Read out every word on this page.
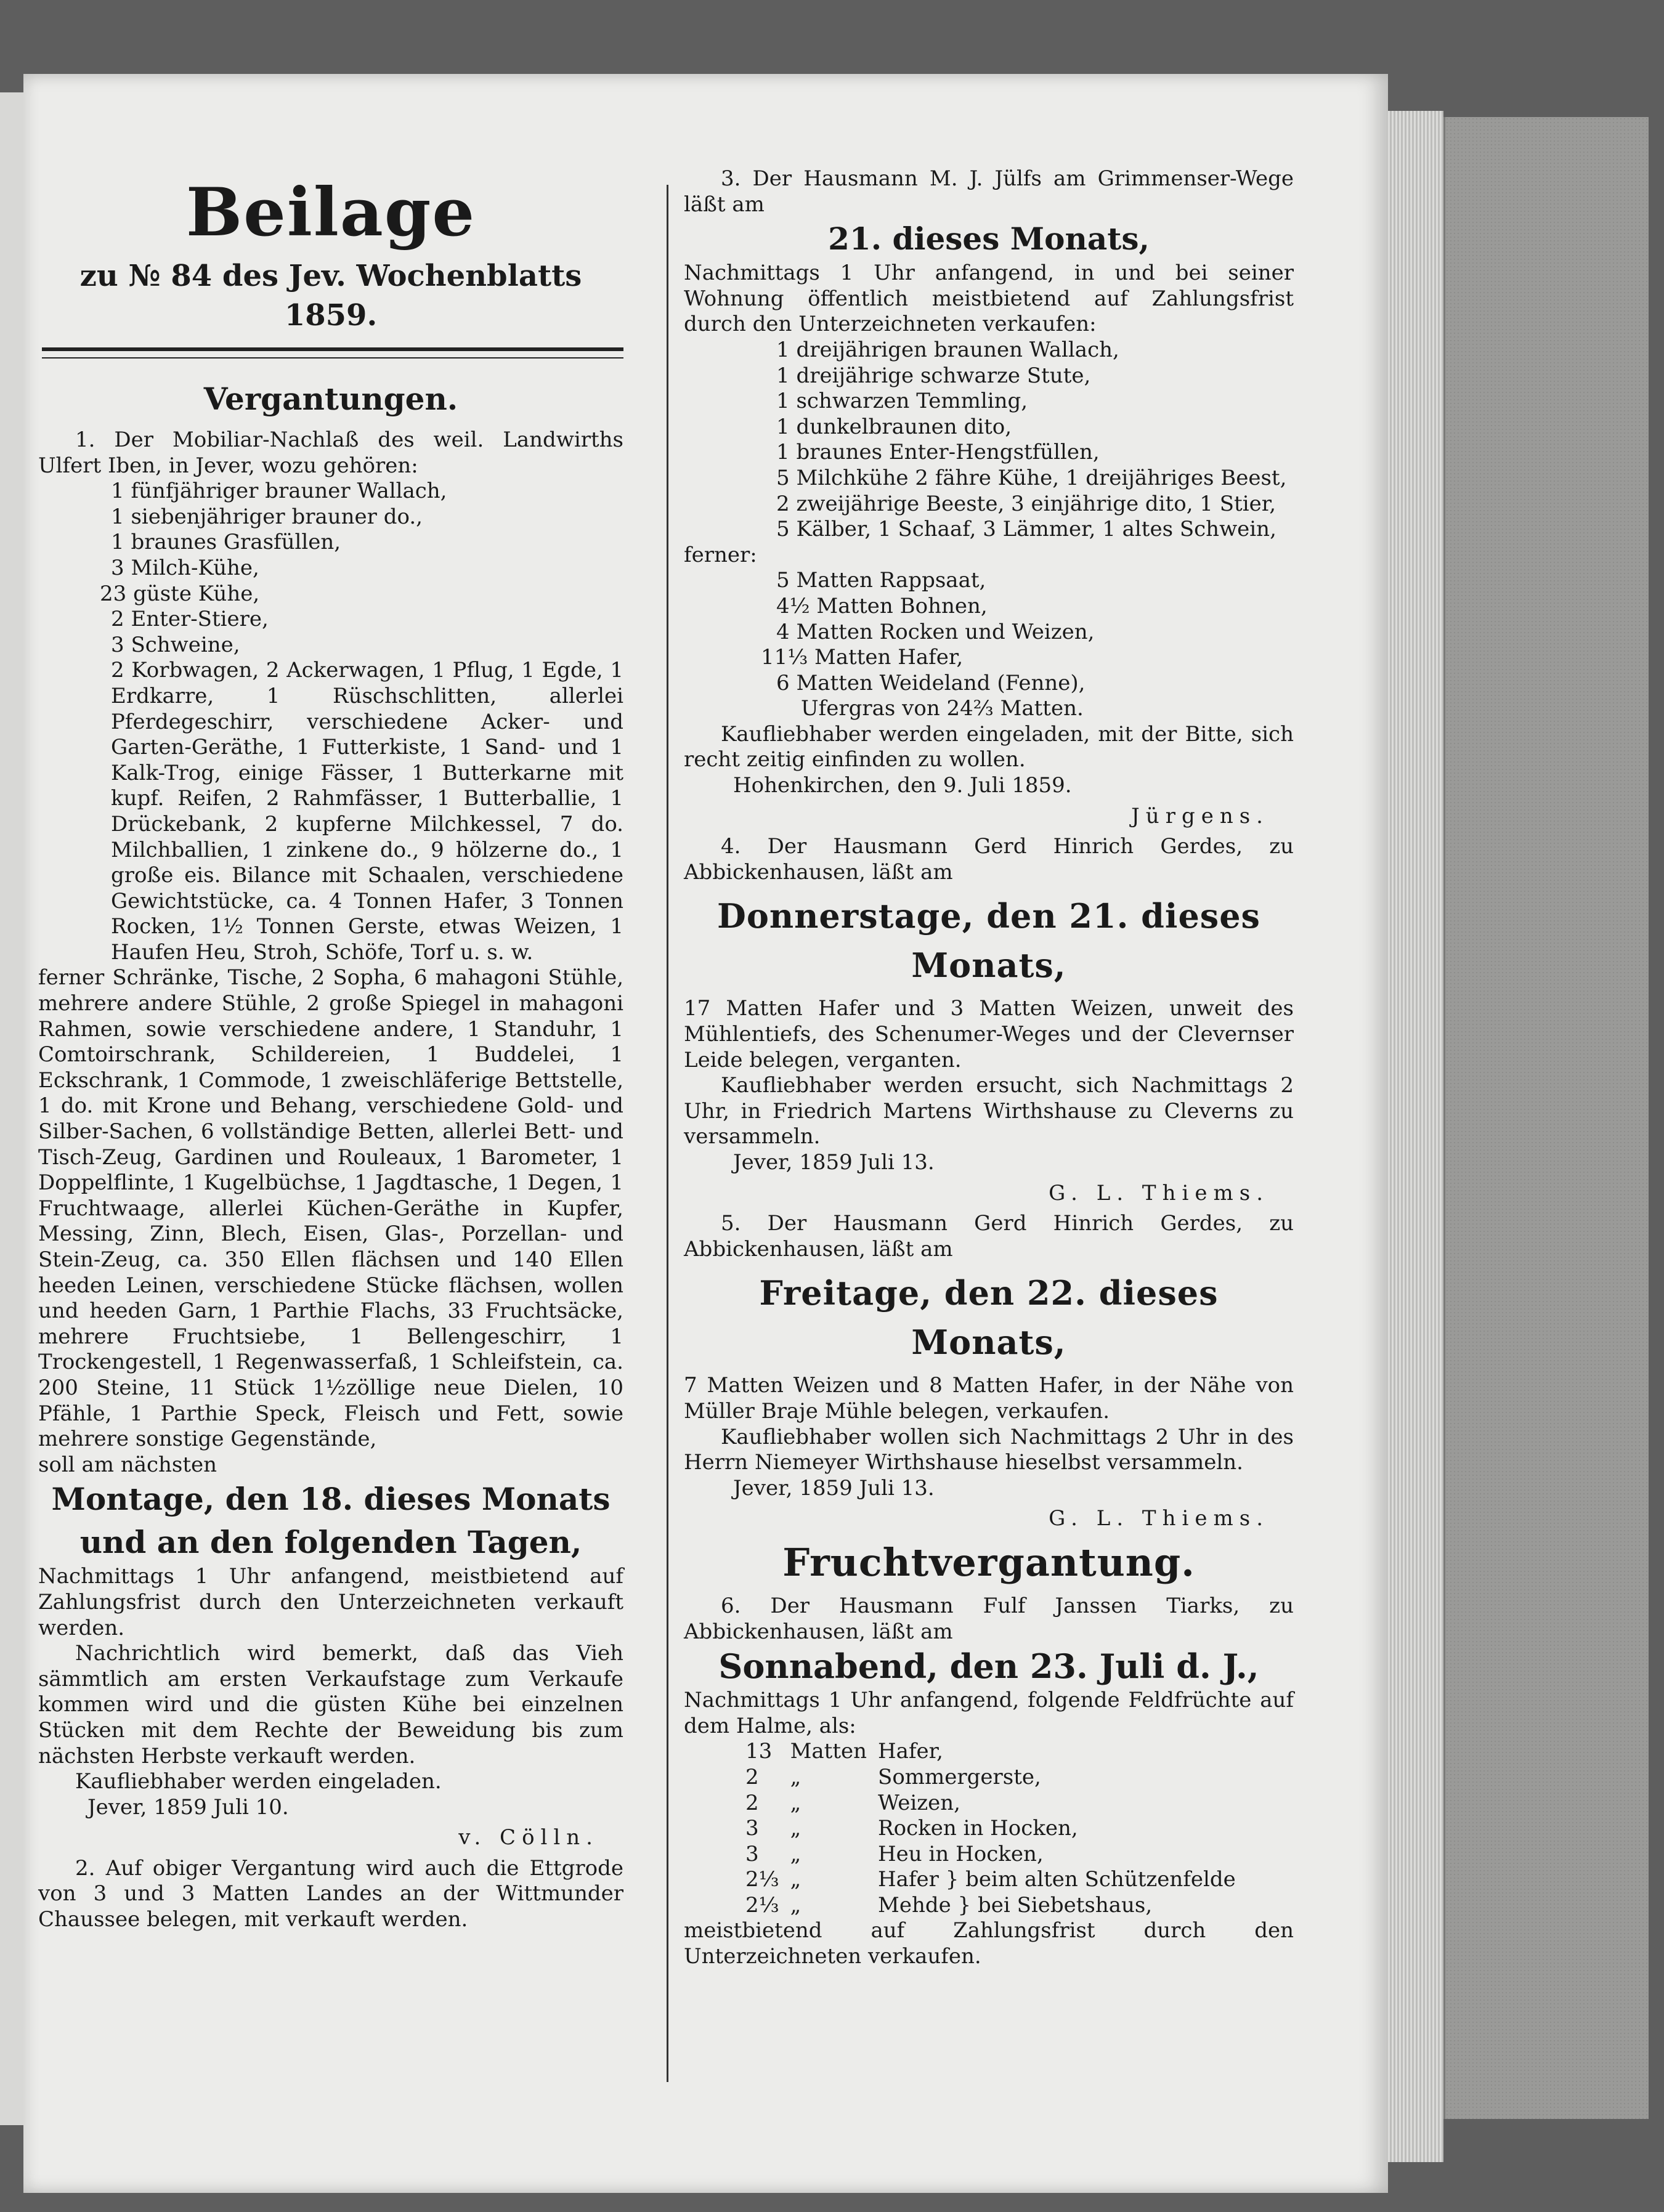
Beilage
zu № 84 des Jev. Wochenblatts 1859.
Vergantungen.

1. Der Mobiliar-Nachlaß des weil. Landwirths Ulfert Iben, in Jever, wozu gehören:

1 fünfjähriger brauner Wallach,

1 siebenjähriger brauner do.,

1 braunes Grasfüllen,

3 Milch-Kühe,

23 güste Kühe,

2 Enter-Stiere,

3 Schweine,

2 Korbwagen, 2 Ackerwagen, 1 Pflug, 1 Egde, 1 Erdkarre, 1 Rüschschlitten, allerlei Pferdegeschirr, verschiedene Acker- und Garten-Geräthe, 1 Futterkiste, 1 Sand- und 1 Kalk-Trog, einige Fässer, 1 Butterkarne mit kupf. Reifen, 2 Rahmfässer, 1 Butterballie, 1 Drückebank, 2 kupferne Milchkessel, 7 do. Milchballien, 1 zinkene do., 9 hölzerne do., 1 große eis. Bilance mit Schaalen, verschiedene Gewichtstücke, ca. 4 Tonnen Hafer, 3 Tonnen Rocken, 1½ Tonnen Gerste, etwas Weizen, 1 Haufen Heu, Stroh, Schöfe, Torf u. s. w.

ferner Schränke, Tische, 2 Sopha, 6 mahagoni Stühle, mehrere andere Stühle, 2 große Spiegel in mahagoni Rahmen, sowie verschiedene andere, 1 Standuhr, 1 Comtoirschrank, Schildereien, 1 Buddelei, 1 Eckschrank, 1 Commode, 1 zweischläferige Bettstelle, 1 do. mit Krone und Behang, verschiedene Gold- und Silber-Sachen, 6 vollständige Betten, allerlei Bett- und Tisch-Zeug, Gardinen und Rouleaux, 1 Barometer, 1 Doppelflinte, 1 Kugelbüchse, 1 Jagdtasche, 1 Degen, 1 Fruchtwaage, allerlei Küchen-Geräthe in Kupfer, Messing, Zinn, Blech, Eisen, Glas-, Porzellan- und Stein-Zeug, ca. 350 Ellen flächsen und 140 Ellen heeden Leinen, verschiedene Stücke flächsen, wollen und heeden Garn, 1 Parthie Flachs, 33 Fruchtsäcke, mehrere Fruchtsiebe, 1 Bellengeschirr, 1 Trockengestell, 1 Regenwasserfaß, 1 Schleifstein, ca. 200 Steine, 11 Stück 1½zöllige neue Dielen, 10 Pfähle, 1 Parthie Speck, Fleisch und Fett, sowie mehrere sonstige Gegenstände,

soll am nächsten

Montage, den 18. dieses Monats
und an den folgenden Tagen,

Nachmittags 1 Uhr anfangend, meistbietend auf Zahlungsfrist durch den Unterzeichneten verkauft werden.

Nachrichtlich wird bemerkt, daß das Vieh sämmtlich am ersten Verkaufstage zum Verkaufe kommen wird und die güsten Kühe bei einzelnen Stücken mit dem Rechte der Beweidung bis zum nächsten Herbste verkauft werden.

Kaufliebhaber werden eingeladen.

Jever, 1859 Juli 10.

v. Cölln.

2. Auf obiger Vergantung wird auch die Ettgrode von 3 und 3 Matten Landes an der Wittmunder Chaussee belegen, mit verkauft werden.

3. Der Hausmann M. J. Jülfs am Grimmenser-Wege läßt am

21. dieses Monats,

Nachmittags 1 Uhr anfangend, in und bei seiner Wohnung öffentlich meistbietend auf Zahlungsfrist durch den Unterzeichneten verkaufen:

1 dreijährigen braunen Wallach,

1 dreijährige schwarze Stute,

1 schwarzen Temmling,

1 dunkelbraunen dito,

1 braunes Enter-Hengstfüllen,

5 Milchkühe 2 fähre Kühe, 1 dreijähriges Beest,

2 zweijährige Beeste, 3 einjährige dito, 1 Stier,

5 Kälber, 1 Schaaf, 3 Lämmer, 1 altes Schwein,

ferner:

5 Matten Rappsaat,

4½ Matten Bohnen,

4 Matten Rocken und Weizen,

11⅓ Matten Hafer,

6 Matten Weideland (Fenne),

Ufergras von 24⅔ Matten.

Kaufliebhaber werden eingeladen, mit der Bitte, sich recht zeitig einfinden zu wollen.

Hohenkirchen, den 9. Juli 1859.

Jürgens.

4. Der Hausmann Gerd Hinrich Gerdes, zu Abbickenhausen, läßt am

Donnerstage, den 21. dieses Monats,

17 Matten Hafer und 3 Matten Weizen, unweit des Mühlentiefs, des Schenumer-Weges und der Clevernser Leide belegen, verganten.

Kaufliebhaber werden ersucht, sich Nachmittags 2 Uhr, in Friedrich Martens Wirthshause zu Cleverns zu versammeln.

Jever, 1859 Juli 13.

G. L. Thiems.

5. Der Hausmann Gerd Hinrich Gerdes, zu Abbickenhausen, läßt am

Freitage, den 22. dieses Monats,

7 Matten Weizen und 8 Matten Hafer, in der Nähe von Müller Braje Mühle belegen, verkaufen.

Kaufliebhaber wollen sich Nachmittags 2 Uhr in des Herrn Niemeyer Wirthshause hieselbst versammeln.

Jever, 1859 Juli 13.

G. L. Thiems.

Fruchtvergantung.

6. Der Hausmann Fulf Janssen Tiarks, zu Abbickenhausen, läßt am

Sonnabend, den 23. Juli d. J.,

Nachmittags 1 Uhr anfangend, folgende Feldfrüchte auf dem Halme, als:

13	Matten	Hafer,
2	„	Sommergerste,
2	„	Weizen,
3	„	Rocken in Hocken,
3	„	Heu in Hocken,
2⅓	„	Hafer } beim alten Schützenfelde
2⅓	„	Mehde } bei Siebetshaus,

meistbietend auf Zahlungsfrist durch den Unterzeichneten verkaufen.
